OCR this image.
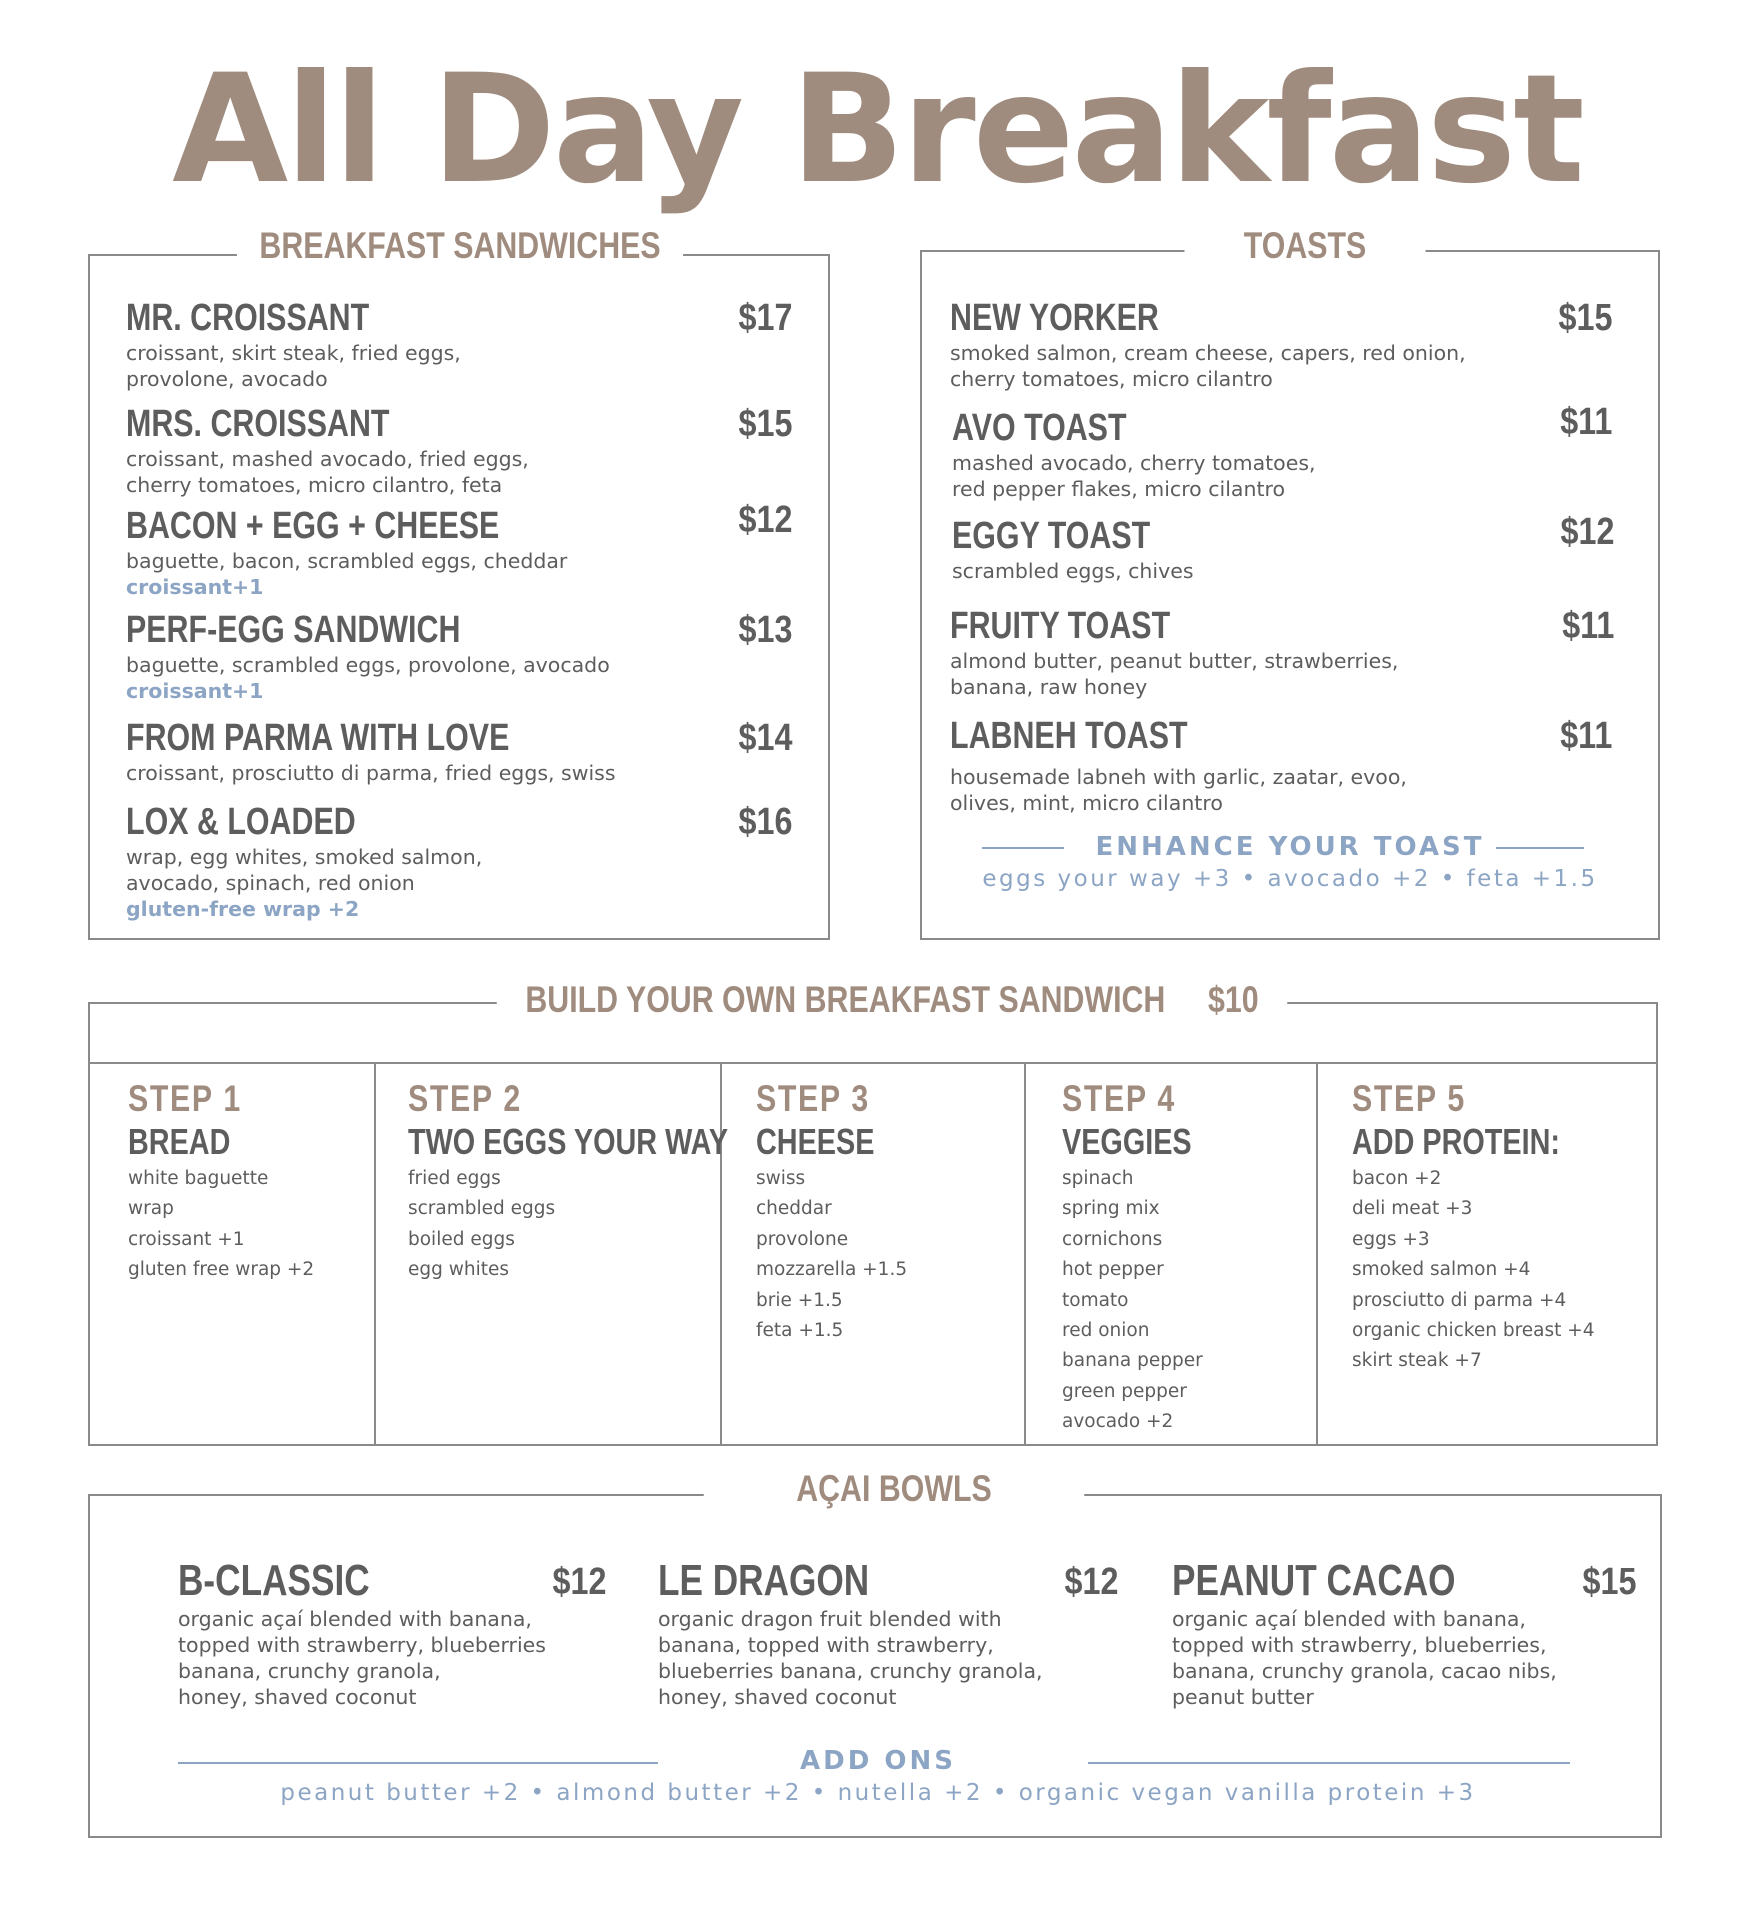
All Day Breakfast
BREAKFAST SANDWICHES
MR. CROISSANT	$17
croissant, skirt steak, fried eggs,
provolone, avocado
MRS. CROISSANT	$15
croissant, mashed avocado, fried eggs,
cherry tomatoes, micro cilantro, feta
BACON + EGG + CHEESE	$12
baguette, bacon, scrambled eggs, cheddar
croissant+1
PERF-EGG SANDWICH	$13
baguette, scrambled eggs, provolone, avocado
croissant+1
FROM PARMA WITH LOVE	$14
croissant, prosciutto di parma, fried eggs, swiss
LOX & LOADED	$16
wrap, egg whites, smoked salmon,
avocado, spinach, red onion
gluten-free wrap +2
TOASTS
NEW YORKER	$15
smoked salmon, cream cheese, capers, red onion,
cherry tomatoes, micro cilantro
AVO TOAST	$11
mashed avocado, cherry tomatoes,
red pepper flakes, micro cilantro
EGGY TOAST	$12
scrambled eggs, chives
FRUITY TOAST	$11
almond butter, peanut butter, strawberries,
banana, raw honey
LABNEH TOAST	$11
housemade labneh with garlic, zaatar, evoo,
olives, mint, micro cilantro
ENHANCE YOUR TOAST
eggs your way +3 • avocado +2 • feta +1.5
BUILD YOUR OWN BREAKFAST SANDWICH $10
STEP 1
BREAD
white baguette
wrap
croissant +1
gluten free wrap +2
STEP 2
TWO EGGS YOUR WAY
fried eggs
scrambled eggs
boiled eggs
egg whites
STEP 3
CHEESE
swiss
cheddar
provolone
mozzarella +1.5
brie +1.5
feta +1.5
STEP 4
VEGGIES
spinach
spring mix
cornichons
hot pepper
tomato
red onion
banana pepper
green pepper
avocado +2
STEP 5
ADD PROTEIN:
bacon +2
deli meat +3
eggs +3
smoked salmon +4
prosciutto di parma +4
organic chicken breast +4
skirt steak +7
AÇAI BOWLS
B-CLASSIC	$12
organic açaí blended with banana,
topped with strawberry, blueberries
banana, crunchy granola,
honey, shaved coconut
LE DRAGON	$12
organic dragon fruit blended with
banana, topped with strawberry,
blueberries banana, crunchy granola,
honey, shaved coconut
PEANUT CACAO	$15
organic açaí blended with banana,
topped with strawberry, blueberries,
banana, crunchy granola, cacao nibs,
peanut butter
ADD ONS
peanut butter +2 • almond butter +2 • nutella +2 • organic vegan vanilla protein +3
